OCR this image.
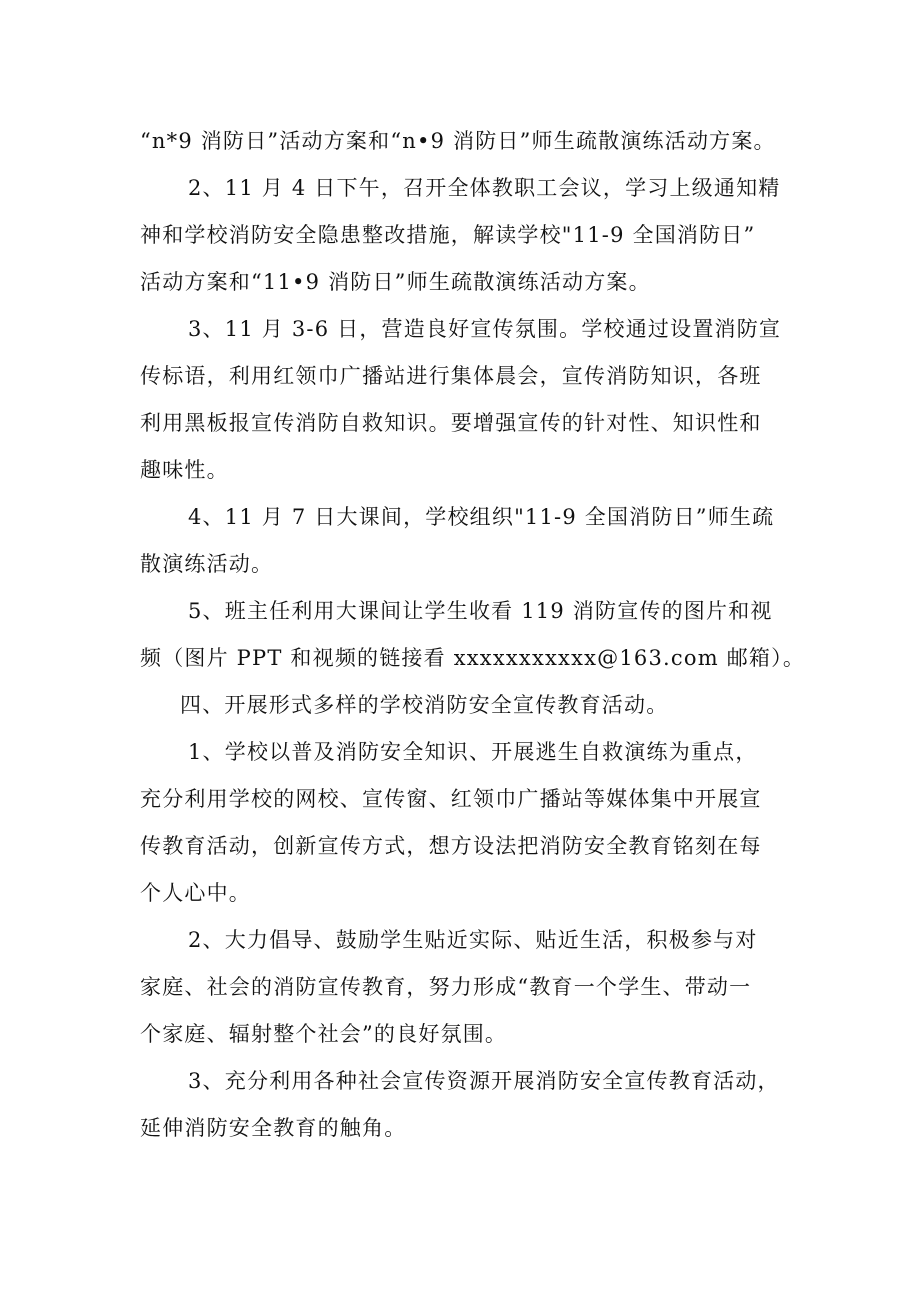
“n*9 消防日”活动方案和“n•9 消防日”师生疏散演练活动方案。

2、11 月 4 日下午，召开全体教职工会议，学习上级通知精
神和学校消防安全隐患整改措施，解读学校"11-9 全国消防日”
活动方案和“11•9 消防日”师生疏散演练活动方案。

3、11 月 3-6 日，营造良好宣传氛围。学校通过设置消防宣
传标语，利用红领巾广播站进行集体晨会，宣传消防知识，各班
利用黑板报宣传消防自救知识。要增强宣传的针对性、知识性和
趣味性。

4、11 月 7 日大课间，学校组织"11-9 全国消防日”师生疏
散演练活动。

5、班主任利用大课间让学生收看 119 消防宣传的图片和视
频（图片 PPT 和视频的链接看 xxxxxxxxxxx@163.com 邮箱）。

四、开展形式多样的学校消防安全宣传教育活动。

1、学校以普及消防安全知识、开展逃生自救演练为重点，
充分利用学校的网校、宣传窗、红领巾广播站等媒体集中开展宣
传教育活动，创新宣传方式，想方设法把消防安全教育铭刻在每
个人心中。

2、大力倡导、鼓励学生贴近实际、贴近生活，积极参与对
家庭、社会的消防宣传教育，努力形成“教育一个学生、带动一
个家庭、辐射整个社会”的良好氛围。

3、充分利用各种社会宣传资源开展消防安全宣传教育活动，
延伸消防安全教育的触角。
